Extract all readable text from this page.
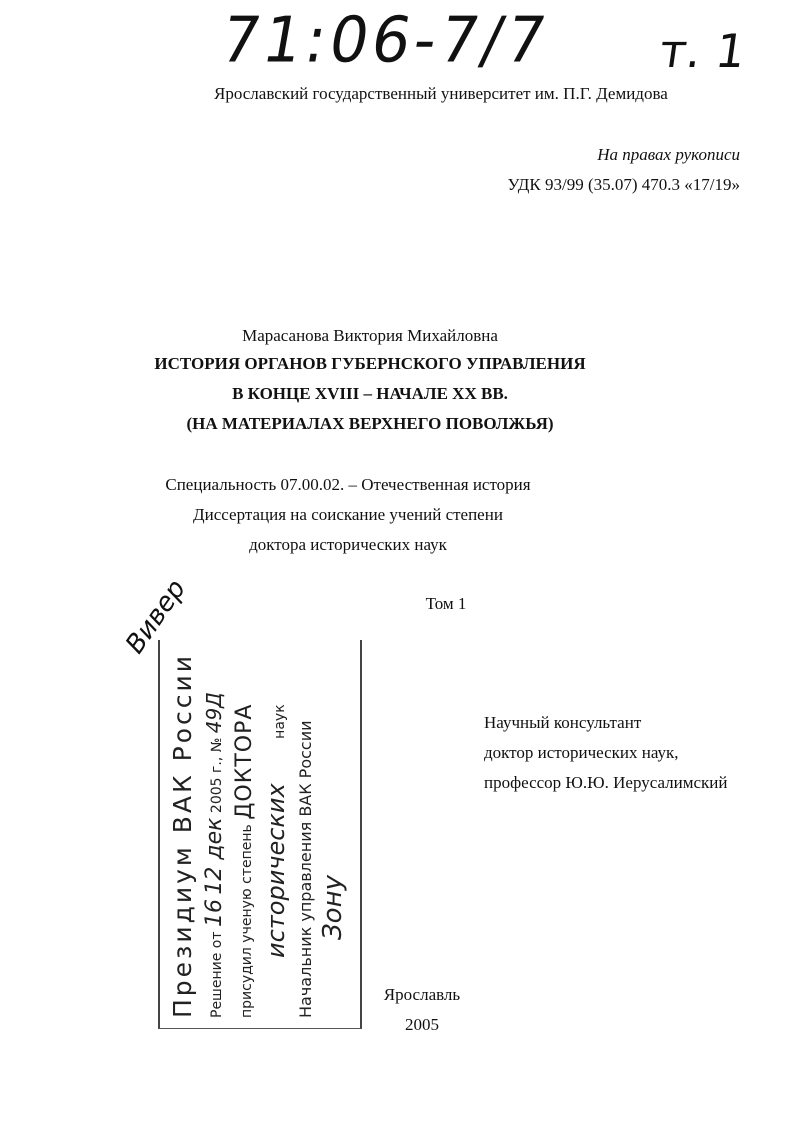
71:06-7/7 т. 1
Ярославский государственный университет им. П.Г. Демидова
На правах рукописи
УДК 93/99 (35.07) 470.3 «17/19»
Марасанова Виктория Михайловна
ИСТОРИЯ ОРГАНОВ ГУБЕРНСКОГО УПРАВЛЕНИЯ
В КОНЦЕ XVIII – НАЧАЛЕ XX ВВ.
(НА МАТЕРИАЛАХ ВЕРХНЕГО ПОВОЛЖЬЯ)
Специальность 07.00.02. – Отечественная история
Диссертация на соискание учений степени
доктора исторических наук
Том 1
Научный консультант
доктор исторических наук,
профессор Ю.Ю. Иерусалимский
Вивер
Президиум ВАК России Решение от 16 12 дек 2005 г., № 49Д
присудил ученую степень ДОКТОРА
исторических наук Начальник управления ВАК России Зону
Ярославль
2005
